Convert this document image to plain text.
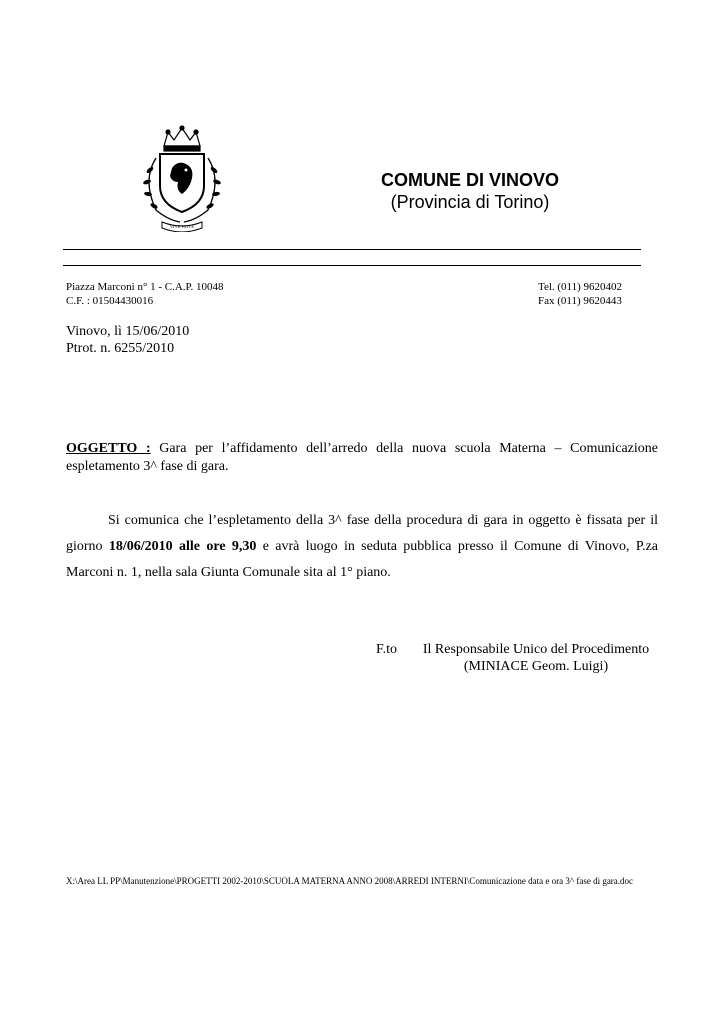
VIVE NOVE
COMUNE DI VINOVO
(Provincia di Torino)
Piazza Marconi n° 1 - C.A.P. 10048
C.F. : 01504430016
Tel. (011) 9620402
Fax (011) 9620443
Vinovo, lì 15/06/2010
Ptrot. n. 6255/2010
OGGETTO : Gara per l’affidamento dell’arredo della nuova scuola Materna – Comunicazione espletamento 3^ fase di gara.
Si comunica che l’espletamento della 3^ fase della procedura di gara in oggetto è fissata per il giorno 18/06/2010 alle ore 9,30 e avrà luogo in seduta pubblica presso il Comune di Vinovo, P.za Marconi n. 1, nella sala Giunta Comunale sita al 1° piano.
F.to	Il Responsabile Unico del Procedimento
(MINIACE Geom. Luigi)
X:\Area LL PP\Manutenzione\PROGETTI 2002-2010\SCUOLA MATERNA ANNO 2008\ARREDI INTERNI\Comunicazione data e ora 3^ fase di gara.doc
